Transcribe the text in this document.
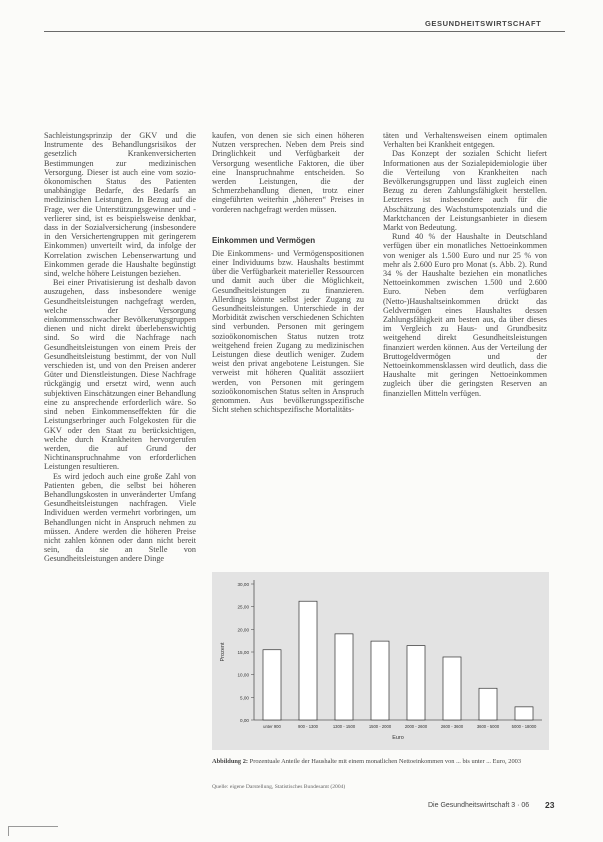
GESUNDHEITSWIRTSCHAFT

Sachleistungsprinzip der GKV und die Instrumente des Behandlungsrisikos der gesetzlich Krankenversicherten Bestimmungen zur medizinischen Versorgung. Dieser ist auch eine vom sozio-ökonomischen Status des Patienten unabhängige Bedarfe, des Bedarfs an medizinischen Leistungen. In Bezug auf die Frage, wer die Unterstützungsgewinner und -verlierer sind, ist es beispielsweise denkbar, dass in der Sozialversicherung (insbesondere in den Versichertengruppen mit geringerem Einkommen) unverteilt wird, da infolge der Korrelation zwischen Lebenserwartung und Einkommen gerade die Haushalte begünstigt sind, welche höhere Leistungen beziehen.

Bei einer Privatisierung ist deshalb davon auszugehen, dass insbesondere wenige Gesundheitsleistungen nachgefragt werden, welche der Versorgung einkommensschwacher Bevölkerungsgruppen dienen und nicht direkt überlebenswichtig sind. So wird die Nachfrage nach Gesundheitsleistungen von einem Preis der Gesundheitsleistung bestimmt, der von Null verschieden ist, und von den Preisen anderer Güter und Dienstleistungen. Diese Nachfrage rückgängig und ersetzt wird, wenn auch subjektiven Einschätzungen einer Behandlung eine zu ansprechende erforderlich wäre. So sind neben Einkommenseffekten für die Leistungserbringer auch Folgekosten für die GKV oder den Staat zu berücksichtigen, welche durch Krankheiten hervorgerufen werden, die auf Grund der Nichtinanspruchnahme von erforderlichen Leistungen resultieren.

Es wird jedoch auch eine große Zahl von Patienten geben, die selbst bei höheren Behandlungskosten in unveränderter Umfang Gesundheitsleistungen nachfragen. Viele Individuen werden vermehrt vorbringen, um Behandlungen nicht in Anspruch nehmen zu müssen. Andere werden die höheren Preise nicht zahlen können oder dann nicht bereit sein, da sie an Stelle von Gesundheitsleistungen andere Dinge

kaufen, von denen sie sich einen höheren Nutzen versprechen. Neben dem Preis sind Dringlichkeit und Verfügbarkeit der Versorgung wesentliche Faktoren, die über eine Inanspruchnahme entscheiden. So werden Leistungen, die der Schmerzbehandlung dienen, trotz einer eingeführten weiterhin „höheren“ Preises in vorderen nachgefragt werden müssen.

Einkommen und Vermögen

Die Einkommens- und Vermögenspositionen einer Individuums bzw. Haushalts bestimmt über die Verfügbarkeit materieller Ressourcen und damit auch über die Möglichkeit, Gesundheitsleistungen zu finanzieren. Allerdings könnte selbst jeder Zugang zu Gesundheitsleistungen. Unterschiede in der Morbidität zwischen verschiedenen Schichten sind verbunden. Personen mit geringem sozioökonomischen Status nutzen trotz weitgehend freien Zugang zu medizinischen Leistungen diese deutlich weniger. Zudem weist den privat angebotene Leistungen. Sie verweist mit höheren Qualität assoziiert werden, von Personen mit geringem sozioökonomischen Status selten in Anspruch genommen. Aus bevölkerungsspezifische Sicht stehen schichtspezifische Mortalitäts-

täten und Verhaltensweisen einem optimalen Verhalten bei Krankheit entgegen.

Das Konzept der sozialen Schicht liefert Informationen aus der Sozialepidemiologie über die Verteilung von Krankheiten nach Bevölkerungsgruppen und lässt zugleich einen Bezug zu deren Zahlungsfähigkeit herstellen. Letzteres ist insbesondere auch für die Abschätzung des Wachstumspotenzials und die Marktchancen der Leistungsanbieter in diesem Markt von Bedeutung.

Rund 40 % der Haushalte in Deutschland verfügen über ein monatliches Nettoeinkommen von weniger als 1.500 Euro und nur 25 % von mehr als 2.600 Euro pro Monat (s. Abb. 2). Rund 34 % der Haushalte beziehen ein monatliches Nettoeinkommen zwischen 1.500 und 2.600 Euro. Neben dem verfügbaren (Netto-)Haushaltseinkommen drückt das Geldvermögen eines Haushaltes dessen Zahlungsfähigkeit am besten aus, da über dieses im Vergleich zu Haus- und Grundbesitz weitgehend direkt Gesundheitsleistungen finanziert werden können. Aus der Verteilung der Bruttogeldvermögen und der Nettoeinkommensklassen wird deutlich, dass die Haushalte mit geringen Nettoeinkommen zugleich über die geringsten Reserven an finanziellen Mitteln verfügen.

0,00
5,00
10,00
15,00
20,00
25,00
30,00
Prozent
unter 900	900 - 1300	1300 - 1500	1500 - 2000	2000 - 2600	2600 - 3600	3600 - 5000	5000 - 18000
Euro
Abbildung 2: Prozentuale Anteile der Haushalte mit einem monatlichen Nettoeinkommen von ... bis unter ... Euro, 2003
Quelle: eigene Darstellung, Statistisches Bundesamt (2004)
Die Gesundheitswirtschaft 3 · 06 23
